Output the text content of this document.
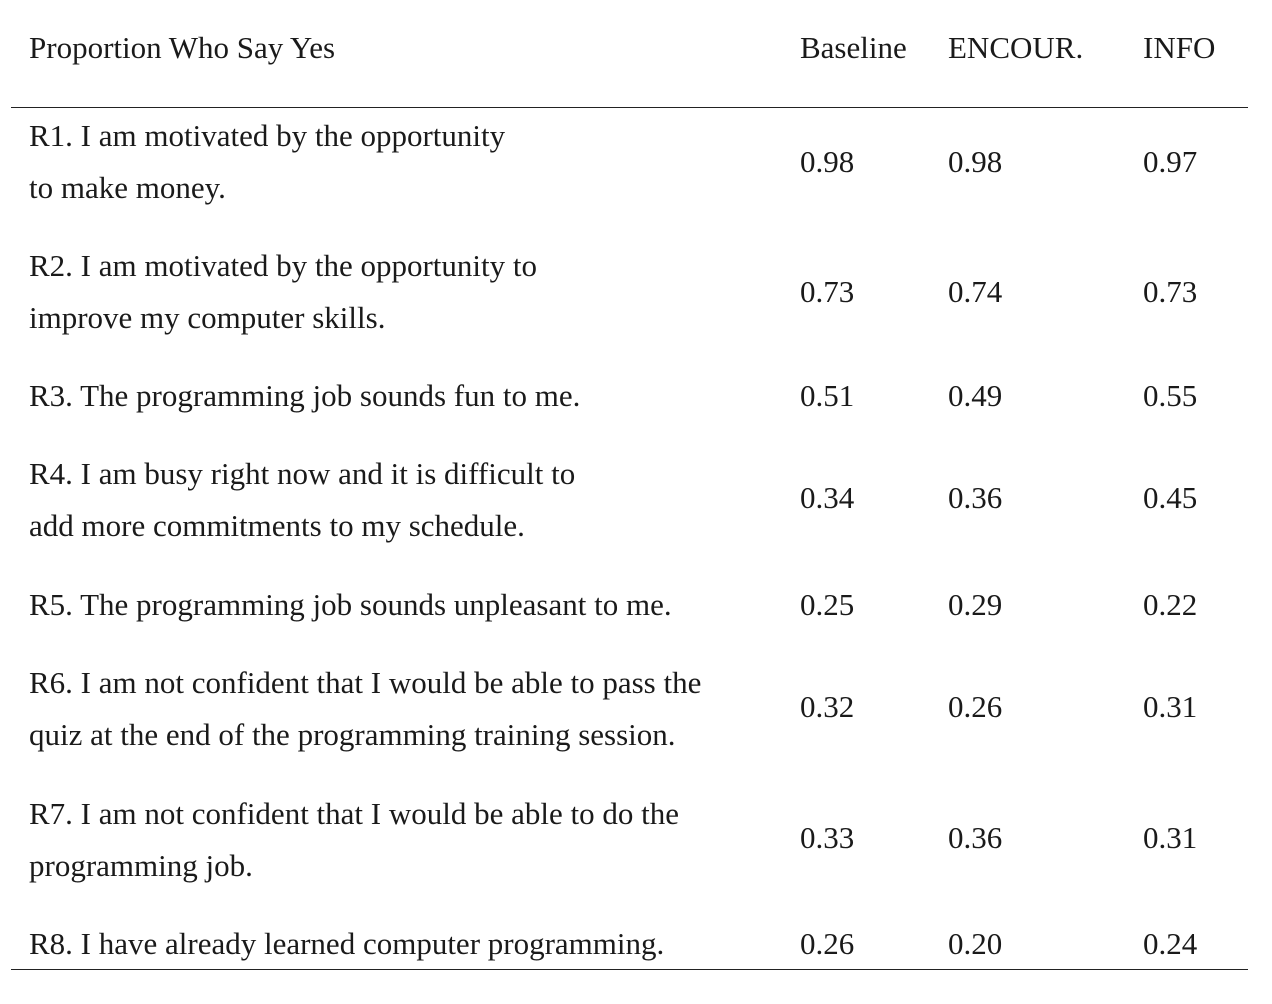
Proportion Who Say Yes	Baseline ENCOUR. INFO
R1. I am motivated by the opportunity
to make money.
0.98	0.98	0.97
R2. I am motivated by the opportunity to
improve my computer skills.
0.73	0.74	0.73
R3. The programming job sounds fun to me.	0.51	0.49	0.55
R4. I am busy right now and it is difficult to
add more commitments to my schedule.
0.34	0.36	0.45
R5. The programming job sounds unpleasant to me.	0.25	0.29	0.22
R6. I am not confident that I would be able to pass the
quiz at the end of the programming training session.
0.32	0.26	0.31
R7. I am not confident that I would be able to do the
programming job.
0.33	0.36	0.31
R8. I have already learned computer programming.	0.26	0.20	0.24
